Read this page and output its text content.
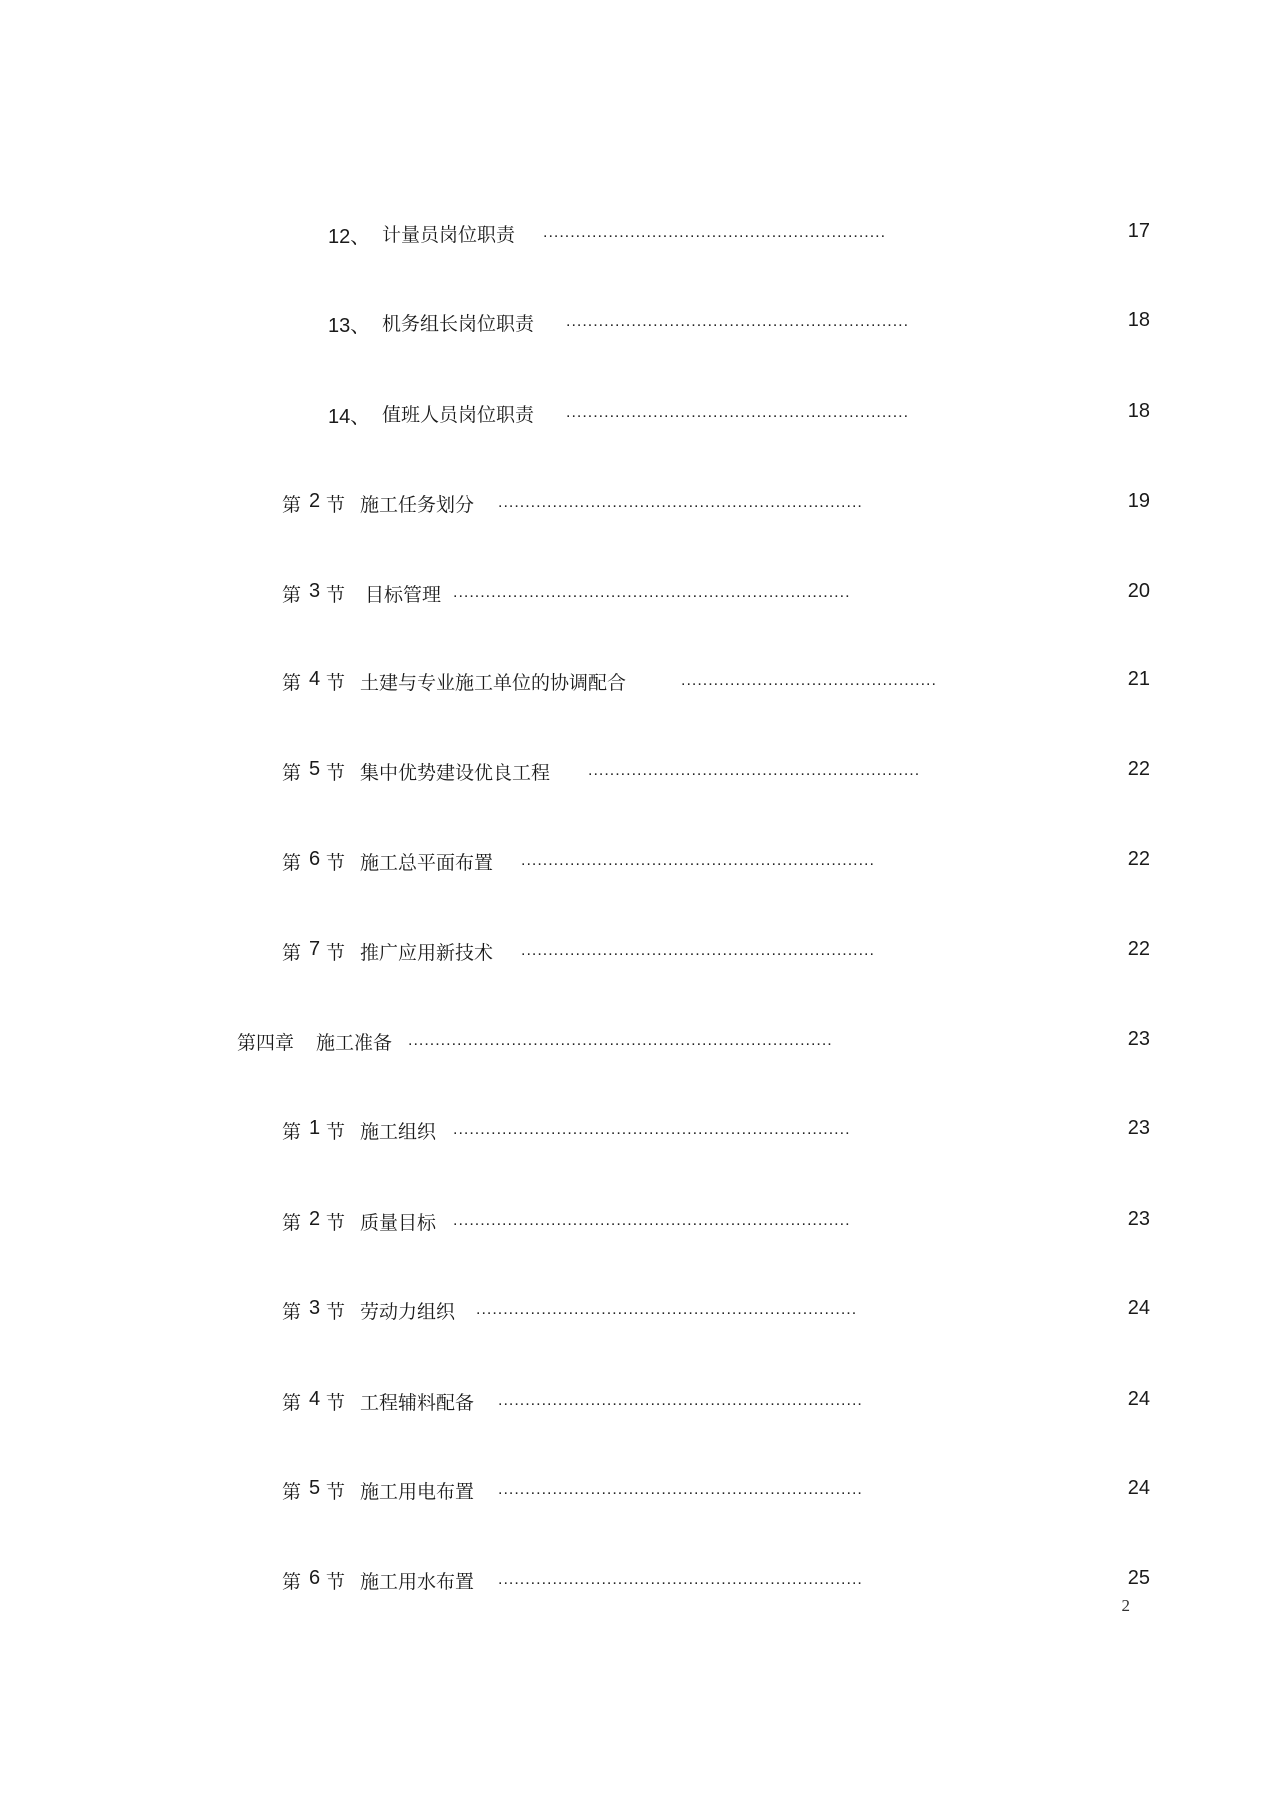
12、 计量员岗位职责 ...............................................................	17
13、 机务组长岗位职责 ...............................................................	18
14、 值班人员岗位职责 ...............................................................	18
第 2 节 施工任务划分 ...................................................................	19
第 3 节 目标管理 .........................................................................	20
第 4 节 土建与专业施工单位的协调配合	...............................................	21
第 5 节 集中优势建设优良工程 .............................................................	22
第 6 节 施工总平面布置 .................................................................	22
第 7 节 推广应用新技术 .................................................................	22
第四章 施工准备 ..............................................................................	23
第 1 节 施工组织 .........................................................................	23
第 2 节 质量目标 .........................................................................	23
第 3 节 劳动力组织 ......................................................................	24
第 4 节 工程辅料配备 ...................................................................	24
第 5 节 施工用电布置 ...................................................................	24
第 6 节 施工用水布置 ...................................................................	25
2
